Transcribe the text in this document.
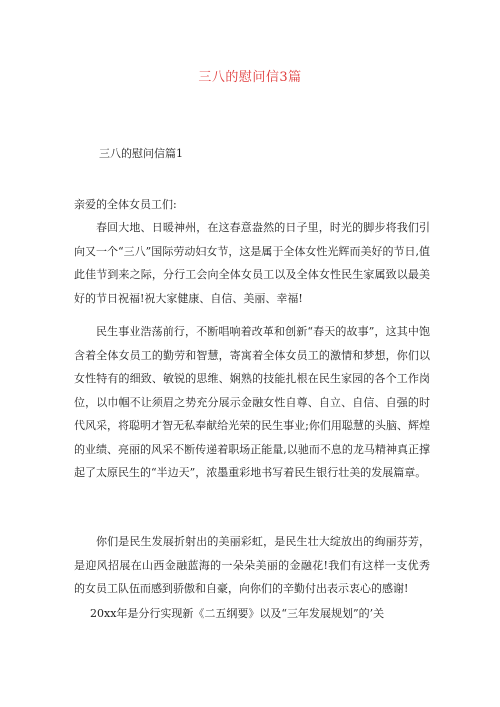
三八的慰问信3篇
三八的慰问信篇1
亲爱的全体女员工们:

春回大地、日暖神州，在这春意盎然的日子里，时光的脚步将我们引向又一个“三八”国际劳动妇女节，这是属于全体女性光辉而美好的节日,值此佳节到来之际，分行工会向全体女员工以及全体女性民生家属致以最美好的节日祝福!祝大家健康、自信、美丽、幸福!

民生事业浩荡前行，不断唱响着改革和创新“春天的故事”，这其中饱含着全体女员工的勤劳和智慧，寄寓着全体女员工的激情和梦想，你们以女性特有的细致、敏锐的思维、娴熟的技能扎根在民生家园的各个工作岗位，以巾帼不让须眉之势充分展示金融女性自尊、自立、自信、自强的时代风采，将聪明才智无私奉献给光荣的民生事业;你们用聪慧的头脑、辉煌的业绩、亮丽的风采不断传递着职场正能量,以驰而不息的龙马精神真正撑起了太原民生的“半边天”，浓墨重彩地书写着民生银行壮美的发展篇章。

你们是民生发展折射出的美丽彩虹，是民生壮大绽放出的绚丽芬芳，是迎风招展在山西金融蓝海的一朵朵美丽的金融花!我们有这样一支优秀的女员工队伍而感到骄傲和自豪，向你们的辛勤付出表示衷心的感谢!

20xx年是分行实现新《二五纲要》以及“三年发展规划”的’关
